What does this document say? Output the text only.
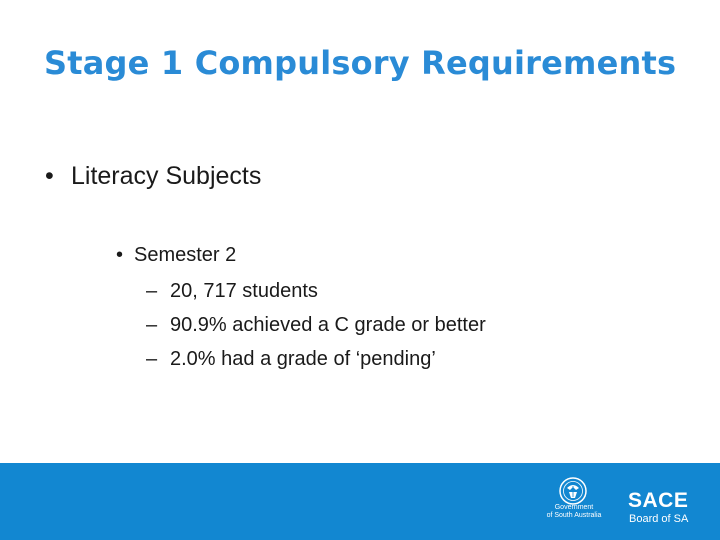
Stage 1 Compulsory Requirements
• Literacy Subjects
• Semester 2
– 20, 717 students
– 90.9% achieved a C grade or better
– 2.0% had a grade of ‘pending’
Government
of South Australia
SACE
Board of SA
